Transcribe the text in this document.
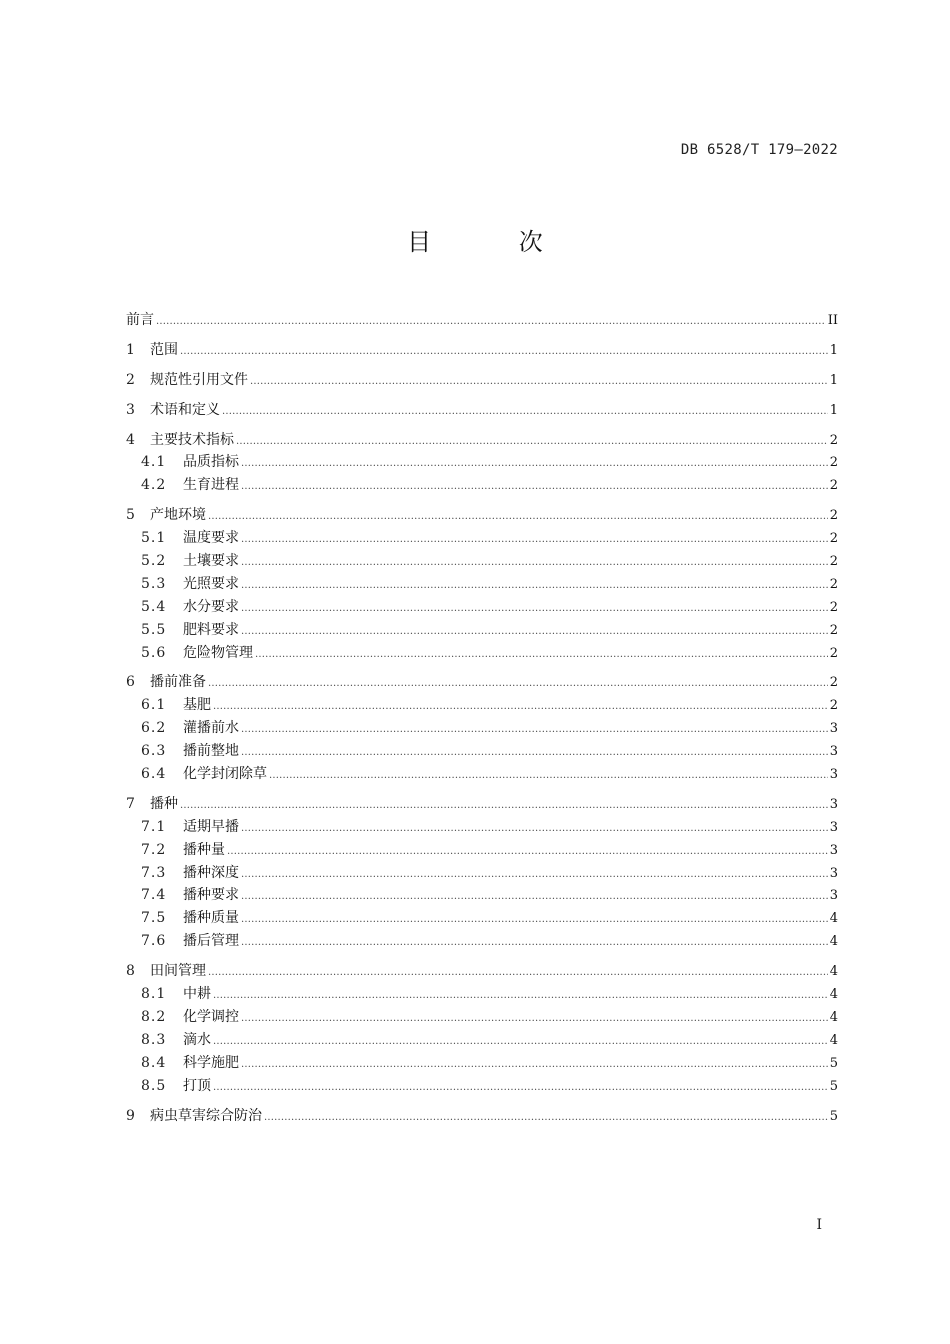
DB 6528/T 179—2022
目 次
前言 .....	II
1	范围 .....	1
2	规范性引用文件 .....	1
3	术语和定义 .....	1
4	主要技术指标 .....	2
4.1	品质指标 .....	2
4.2	生育进程 .....	2
5	产地环境 .....	2
5.1	温度要求 .....	2
5.2	土壤要求 .....	2
5.3	光照要求 .....	2
5.4	水分要求 .....	2
5.5	肥料要求 .....	2
5.6	危险物管理 .....	2
6	播前准备 .....	2
6.1	基肥 .....	2
6.2	灌播前水 .....	3
6.3	播前整地 .....	3
6.4	化学封闭除草 .....	3
7	播种 .....	3
7.1	适期早播 .....	3
7.2	播种量 .....	3
7.3	播种深度 .....	3
7.4	播种要求 .....	3
7.5	播种质量 .....	4
7.6	播后管理 .....	4
8	田间管理 .....	4
8.1	中耕 .....	4
8.2	化学调控 .....	4
8.3	滴水 .....	4
8.4	科学施肥 .....	5
8.5	打顶 .....	5
9	病虫草害综合防治 .....	5
I
